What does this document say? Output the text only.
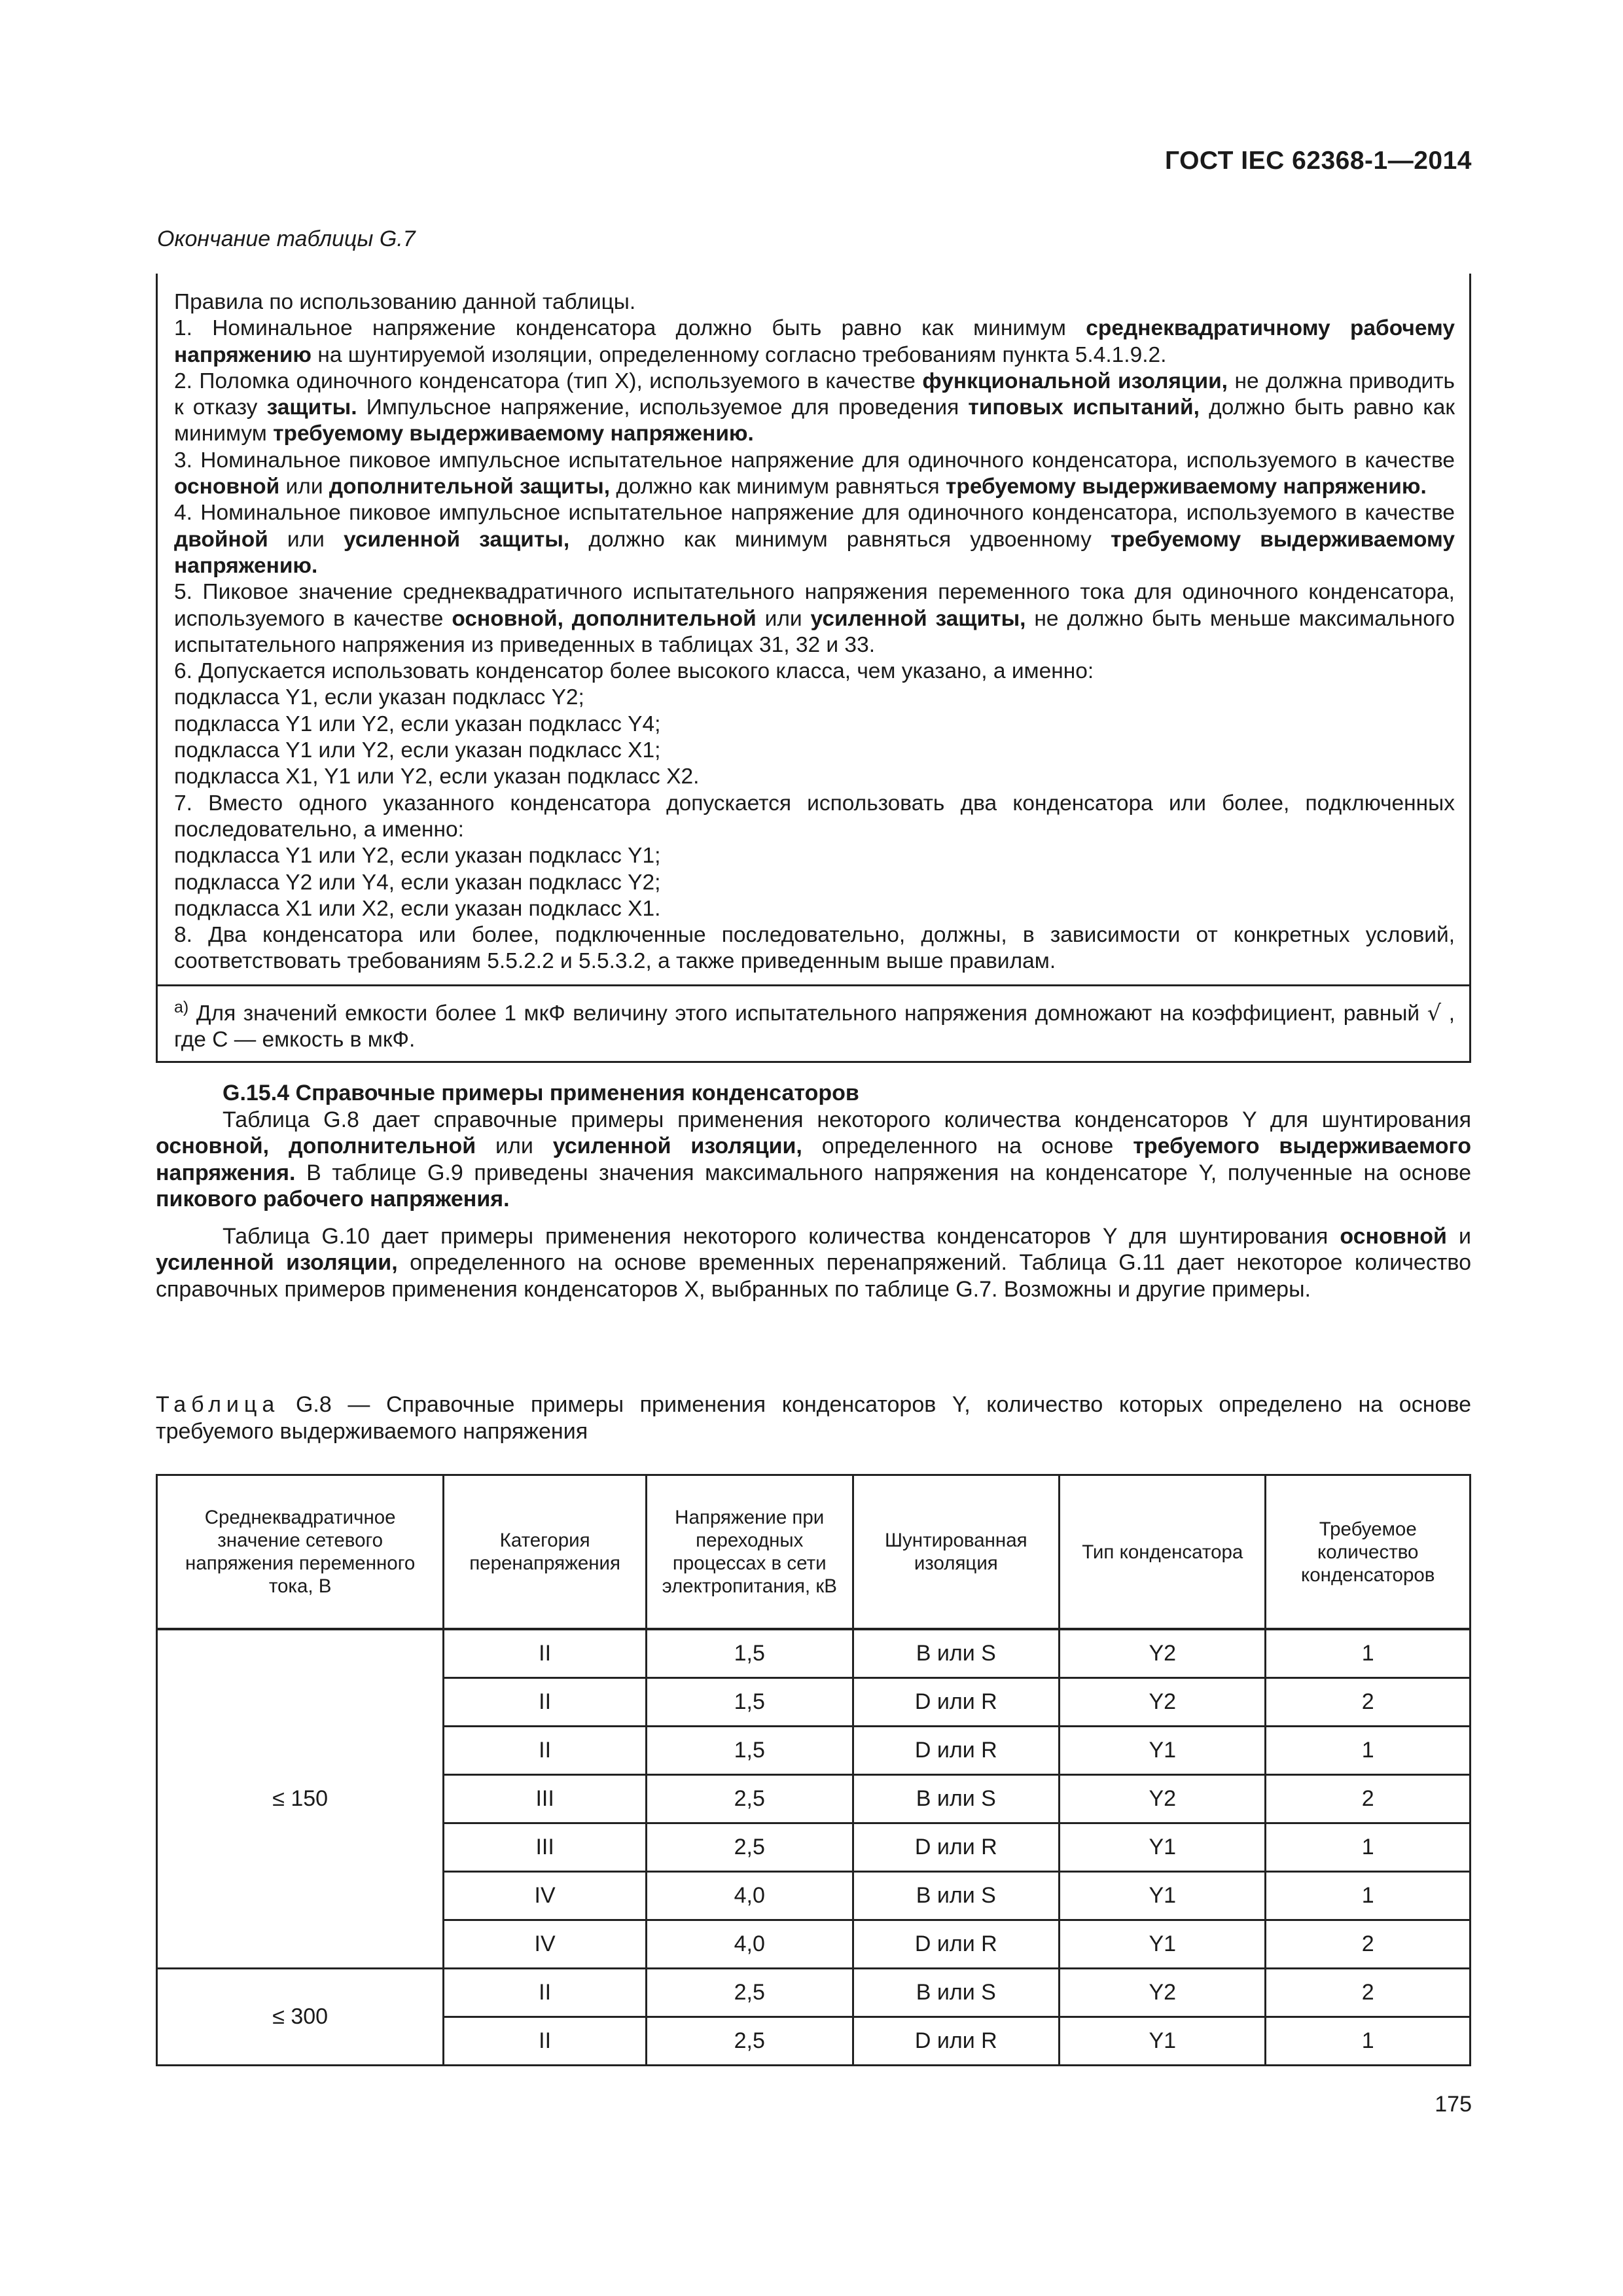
ГОСТ IEC 62368-1—2014
Окончание таблицы G.7

Правила по использованию данной таблицы.

1. Номинальное напряжение конденсатора должно быть равно как минимум среднеквадратичному рабочему напряжению на шунтируемой изоляции, определенному согласно требованиям пункта 5.4.1.9.2.

2. Поломка одиночного конденсатора (тип Х), используемого в качестве функциональной изоляции, не должна приводить к отказу защиты. Импульсное напряжение, используемое для проведения типовых испытаний, должно быть равно как минимум требуемому выдерживаемому напряжению.

3. Номинальное пиковое импульсное испытательное напряжение для одиночного конденсатора, используемого в качестве основной или дополнительной защиты, должно как минимум равняться требуемому выдерживаемому напряжению.

4. Номинальное пиковое импульсное испытательное напряжение для одиночного конденсатора, используемого в качестве двойной или усиленной защиты, должно как минимум равняться удвоенному требуемому выдерживаемому напряжению.

5. Пиковое значение среднеквадратичного испытательного напряжения переменного тока для одиночного конденсатора, используемого в качестве основной, дополнительной или усиленной защиты, не должно быть меньше максимального испытательного напряжения из приведенных в таблицах 31, 32 и 33.

6. Допускается использовать конденсатор более высокого класса, чем указано, а именно:

подкласса Y1, если указан подкласс Y2;

подкласса Y1 или Y2, если указан подкласс Y4;

подкласса Y1 или Y2, если указан подкласс X1;

подкласса X1, Y1 или Y2, если указан подкласс X2.

7. Вместо одного указанного конденсатора допускается использовать два конденсатора или более, подключенных последовательно, а именно:

подкласса Y1 или Y2, если указан подкласс Y1;

подкласса Y2 или Y4, если указан подкласс Y2;

подкласса X1 или X2, если указан подкласс X1.

8. Два конденсатора или более, подключенные последовательно, должны, в зависимости от конкретных условий, соответствовать требованиям 5.5.2.2 и 5.5.3.2, а также приведенным выше правилам.

$^{a)}$ Для значений емкости более 1 мкФ величину этого испытательного напряжения домножают на коэффициент, равный √ , где С — емкость в мкФ.
G.15.4 Справочные примеры применения конденсаторов

Таблица G.8 дает справочные примеры применения некоторого количества конденсаторов Y для шунтирования основной, дополнительной или усиленной изоляции, определенного на основе требуемого выдерживаемого напряжения. В таблице G.9 приведены значения максимального напряжения на конденсаторе Y, полученные на основе пикового рабочего напряжения.

Таблица G.10 дает примеры применения некоторого количества конденсаторов Y для шунтирования основной и усиленной изоляции, определенного на основе временных перенапряжений. Таблица G.11 дает некоторое количество справочных примеров применения конденсаторов X, выбранных по таблице G.7. Возможны и другие примеры.

Таблица G.8 — Справочные примеры применения конденсаторов Y, количество которых определено на основе требуемого выдерживаемого напряжения
Среднеквадратичное значение сетевого напряжения переменного тока, В	Категория перенапряжения	Напряжение при переходных процессах в сети электропитания, кВ	Шунтированная изоляция	Тип конденсатора	Требуемое количество конденсаторов
≤ 150	II	1,5	B или S	Y2	1
	II	1,5	D или R	Y2	2
	II	1,5	D или R	Y1	1
	III	2,5	B или S	Y2	2
	III	2,5	D или R	Y1	1
	IV	4,0	B или S	Y1	1
	IV	4,0	D или R	Y1	2
≤ 300	II	2,5	B или S	Y2	2
	II	2,5	D или R	Y1	1
175
